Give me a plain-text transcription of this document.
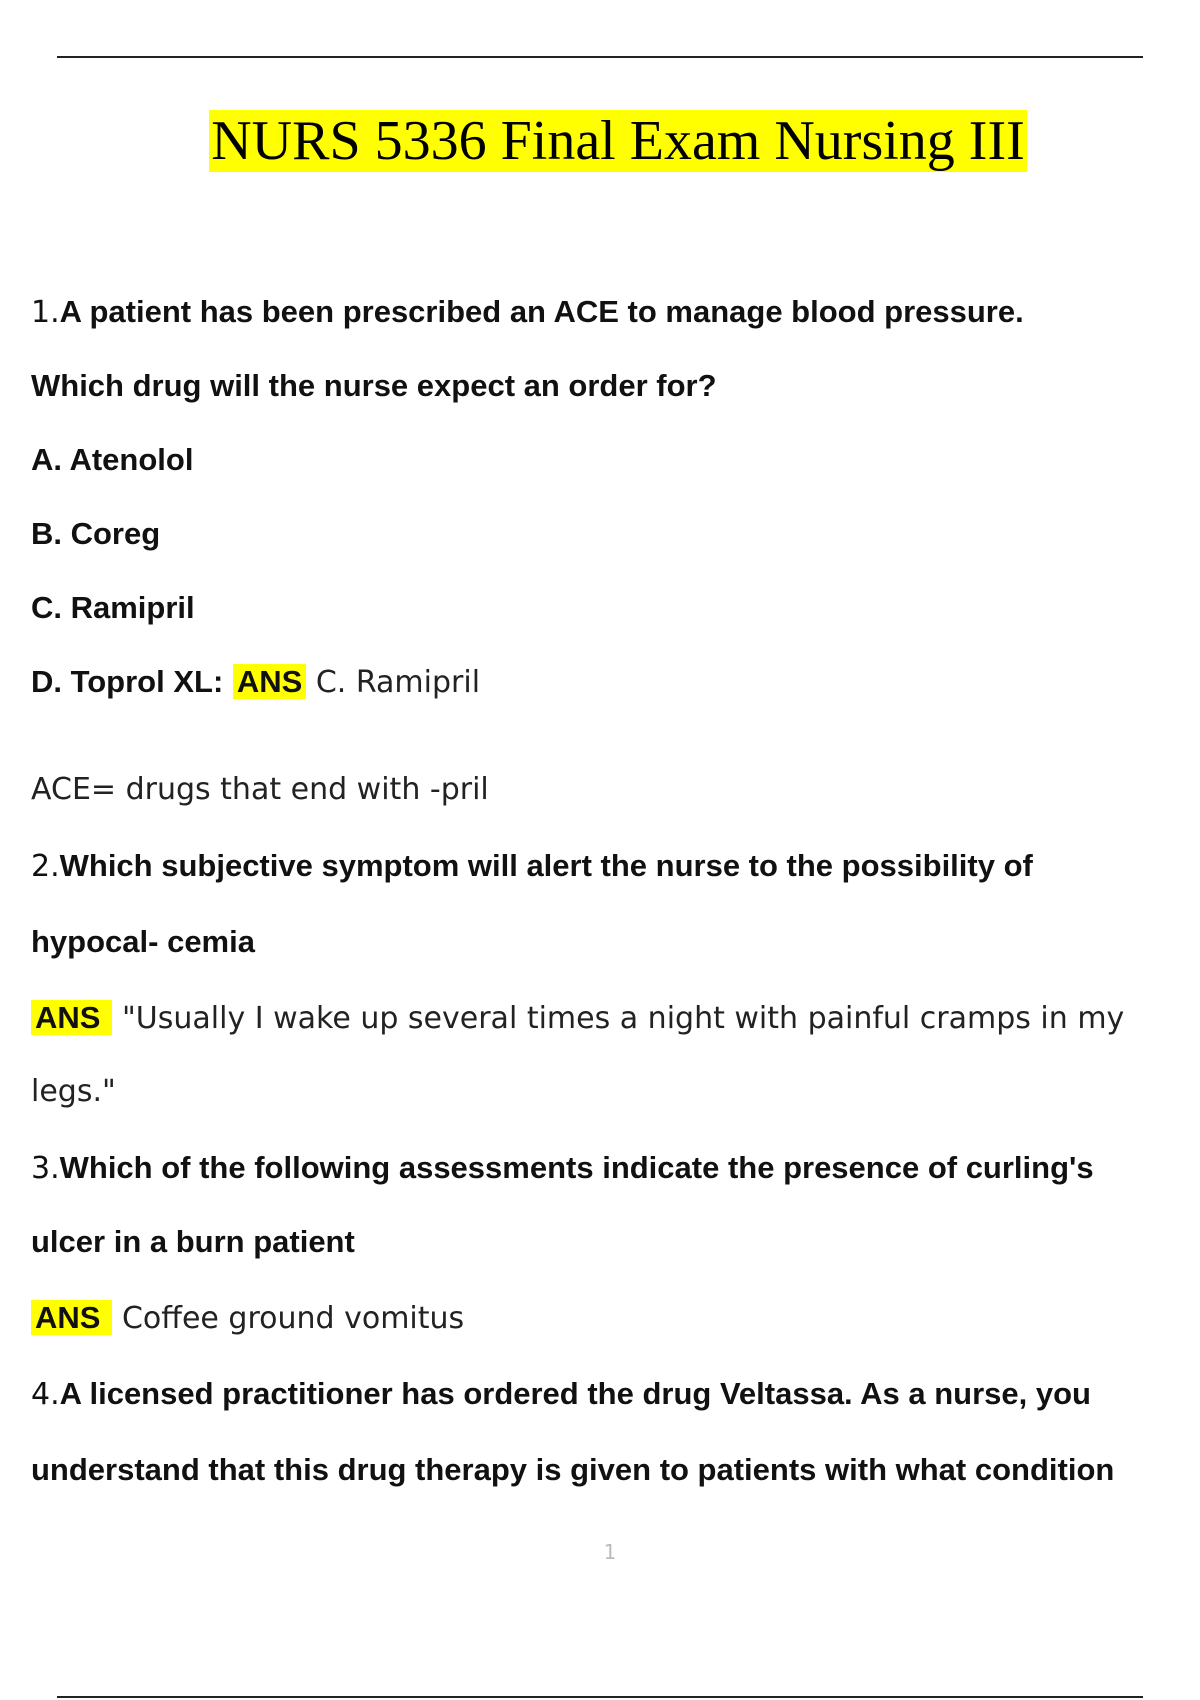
NURS 5336 Final Exam Nursing III
1.A patient has been prescribed an ACE to manage blood pressure.
Which drug will the nurse expect an order for?
A. Atenolol
B. Coreg
C. Ramipril
D. Toprol XL: ANS C. Ramipril
ACE= drugs that end with -pril
2.Which subjective symptom will alert the nurse to the possibility of
hypocal- cemia
ANS "Usually I wake up several times a night with painful cramps in my
legs."
3.Which of the following assessments indicate the presence of curling's
ulcer in a burn patient
ANS Coffee ground vomitus
4.A licensed practitioner has ordered the drug Veltassa. As a nurse, you
understand that this drug therapy is given to patients with what condition
1
